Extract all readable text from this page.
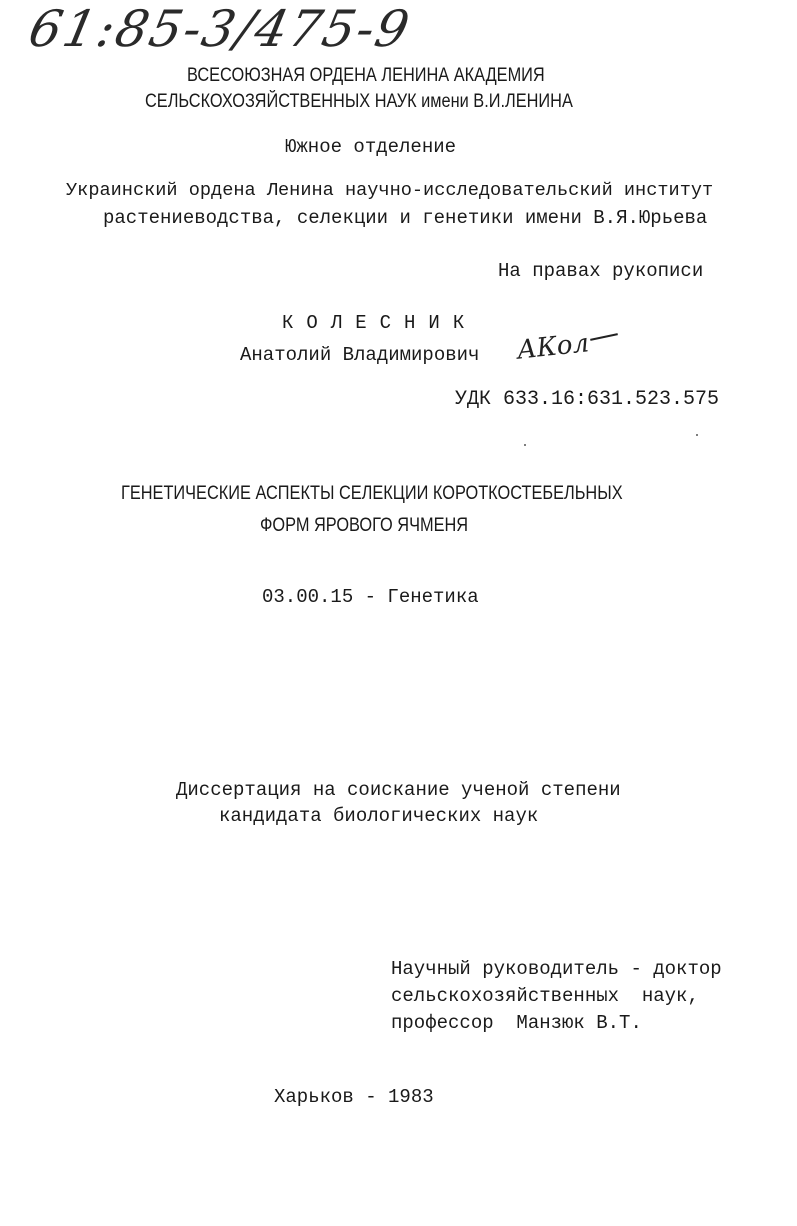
61:85-3/475-9
ВСЕСОЮЗНАЯ ОРДЕНА ЛЕНИНА АКАДЕМИЯ
СЕЛЬСКОХОЗЯЙСТВЕННЫХ НАУК имени В.И.ЛЕНИНА
Южное отделение
Украинский ордена Ленина научно-исследовательский институт
растениеводства, селекции и генетики имени В.Я.Юрьева
На правах рукописи
КОЛЕСНИК
Анатолий Владимирович АКол
УДК 633.16:631.523.575
ГЕНЕТИЧЕСКИЕ АСПЕКТЫ СЕЛЕКЦИИ КОРОТКОСТЕБЕЛЬНЫХ
ФОРМ ЯРОВОГО ЯЧМЕНЯ
03.00.15 - Генетика
Диссертация на соискание ученой степени
кандидата биологических наук
Научный руководитель - доктор
сельскохозяйственных  наук,
профессор  Манзюк В.Т.
Харьков - 1983
